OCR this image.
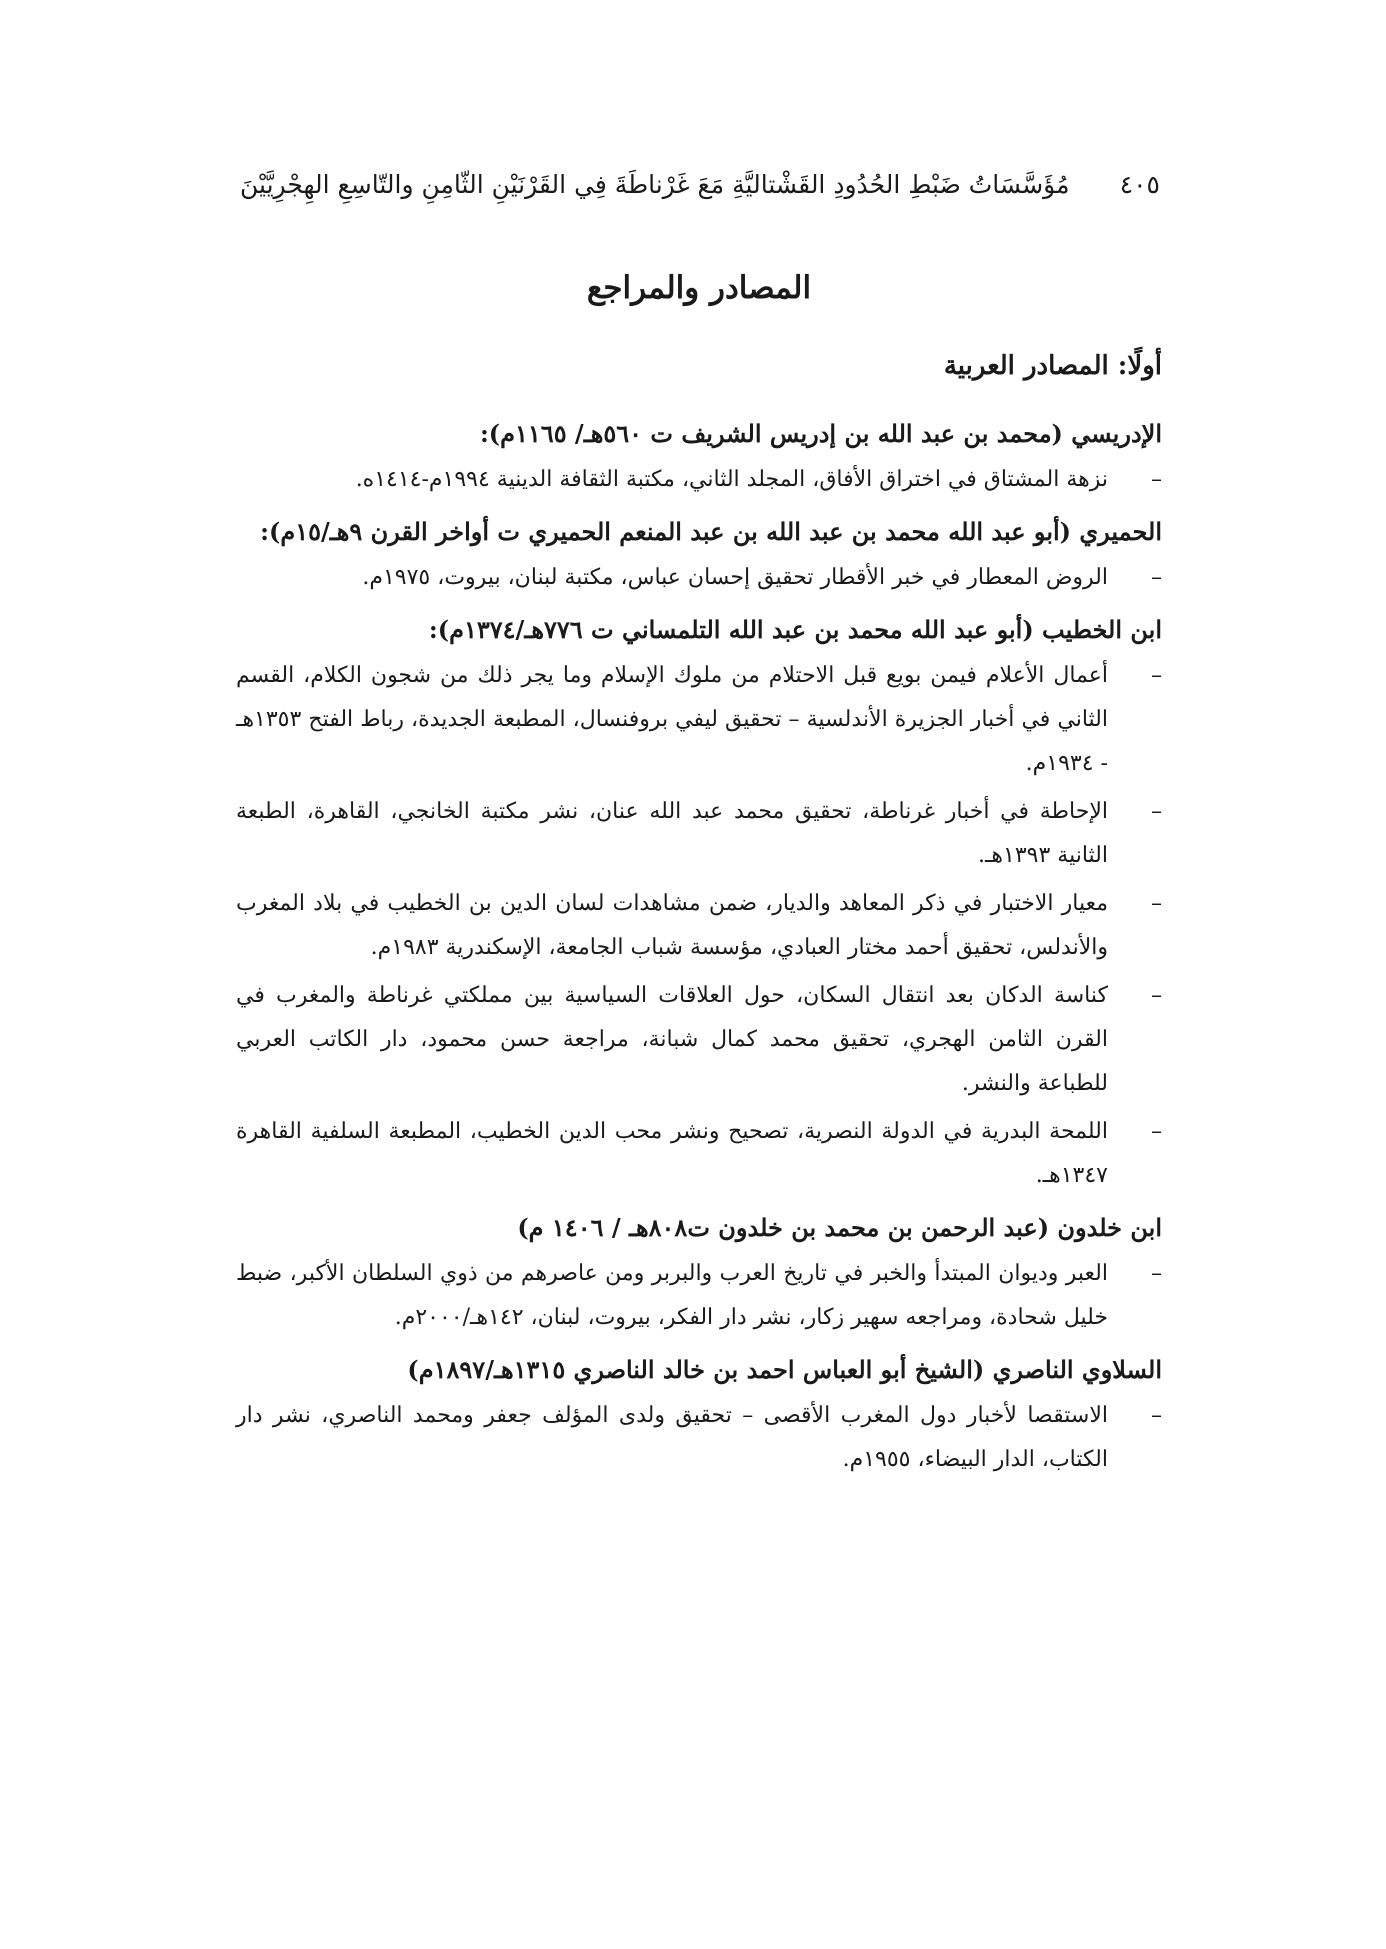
مُؤَسَّسَاتُ ضَبْطِ الحُدُودِ القَشْتاليَّةِ مَعَ غَرْناطَةَ فِي القَرْنَيْنِ الثّامِنِ والتّاسِعِ الهِجْرِيَّيْنَ ٤٠٥
المصادر والمراجع
أولًا: المصادر العربية

الإدريسي (محمد بن عبد الله بن إدريس الشريف ت ٥٦٠هـ/ ١١٦٥م):

–
نزهة المشتاق في اختراق الأفاق، المجلد الثاني، مكتبة الثقافة الدينية ١٩٩٤م-١٤١٤ه.

الحميري (أبو عبد الله محمد بن عبد الله بن عبد المنعم الحميري ت أواخر القرن ٩هـ/١٥م):

–
الروض المعطار في خبر الأقطار تحقيق إحسان عباس، مكتبة لبنان، بيروت، ١٩٧٥م.

ابن الخطيب (أبو عبد الله محمد بن عبد الله التلمساني ت ٧٧٦هـ/١٣٧٤م):

–
أعمال الأعلام فيمن بويع قبل الاحتلام من ملوك الإسلام وما يجر ذلك من شجون الكلام، القسم الثاني في أخبار الجزيرة الأندلسية – تحقيق ليفي بروفنسال، المطبعة الجديدة، رباط الفتح ١٣٥٣هـ - ١٩٣٤م.
–
الإحاطة في أخبار غرناطة، تحقيق محمد عبد الله عنان، نشر مكتبة الخانجي، القاهرة، الطبعة الثانية ١٣٩٣هـ.
–
معيار الاختبار في ذكر المعاهد والديار، ضمن مشاهدات لسان الدين بن الخطيب في بلاد المغرب والأندلس، تحقيق أحمد مختار العبادي، مؤسسة شباب الجامعة، الإسكندرية ١٩٨٣م.
–
كناسة الدكان بعد انتقال السكان، حول العلاقات السياسية بين مملكتي غرناطة والمغرب في القرن الثامن الهجري، تحقيق محمد كمال شبانة، مراجعة حسن محمود، دار الكاتب العربي للطباعة والنشر.
–
اللمحة البدرية في الدولة النصرية، تصحيح ونشر محب الدين الخطيب، المطبعة السلفية القاهرة ١٣٤٧هـ.

ابن خلدون (عبد الرحمن بن محمد بن خلدون ت٨٠٨هـ / ١٤٠٦ م)

–
العبر وديوان المبتدأ والخبر في تاريخ العرب والبربر ومن عاصرهم من ذوي السلطان الأكبر، ضبط خليل شحادة، ومراجعه سهير زكار، نشر دار الفكر، بيروت، لبنان، ١٤٢هـ/٢٠٠٠م.

السلاوي الناصري (الشيخ أبو العباس احمد بن خالد الناصري ١٣١٥هـ/١٨٩٧م)

–
الاستقصا لأخبار دول المغرب الأقصى – تحقيق ولدى المؤلف جعفر ومحمد الناصري، نشر دار الكتاب، الدار البيضاء، ١٩٥٥م.
